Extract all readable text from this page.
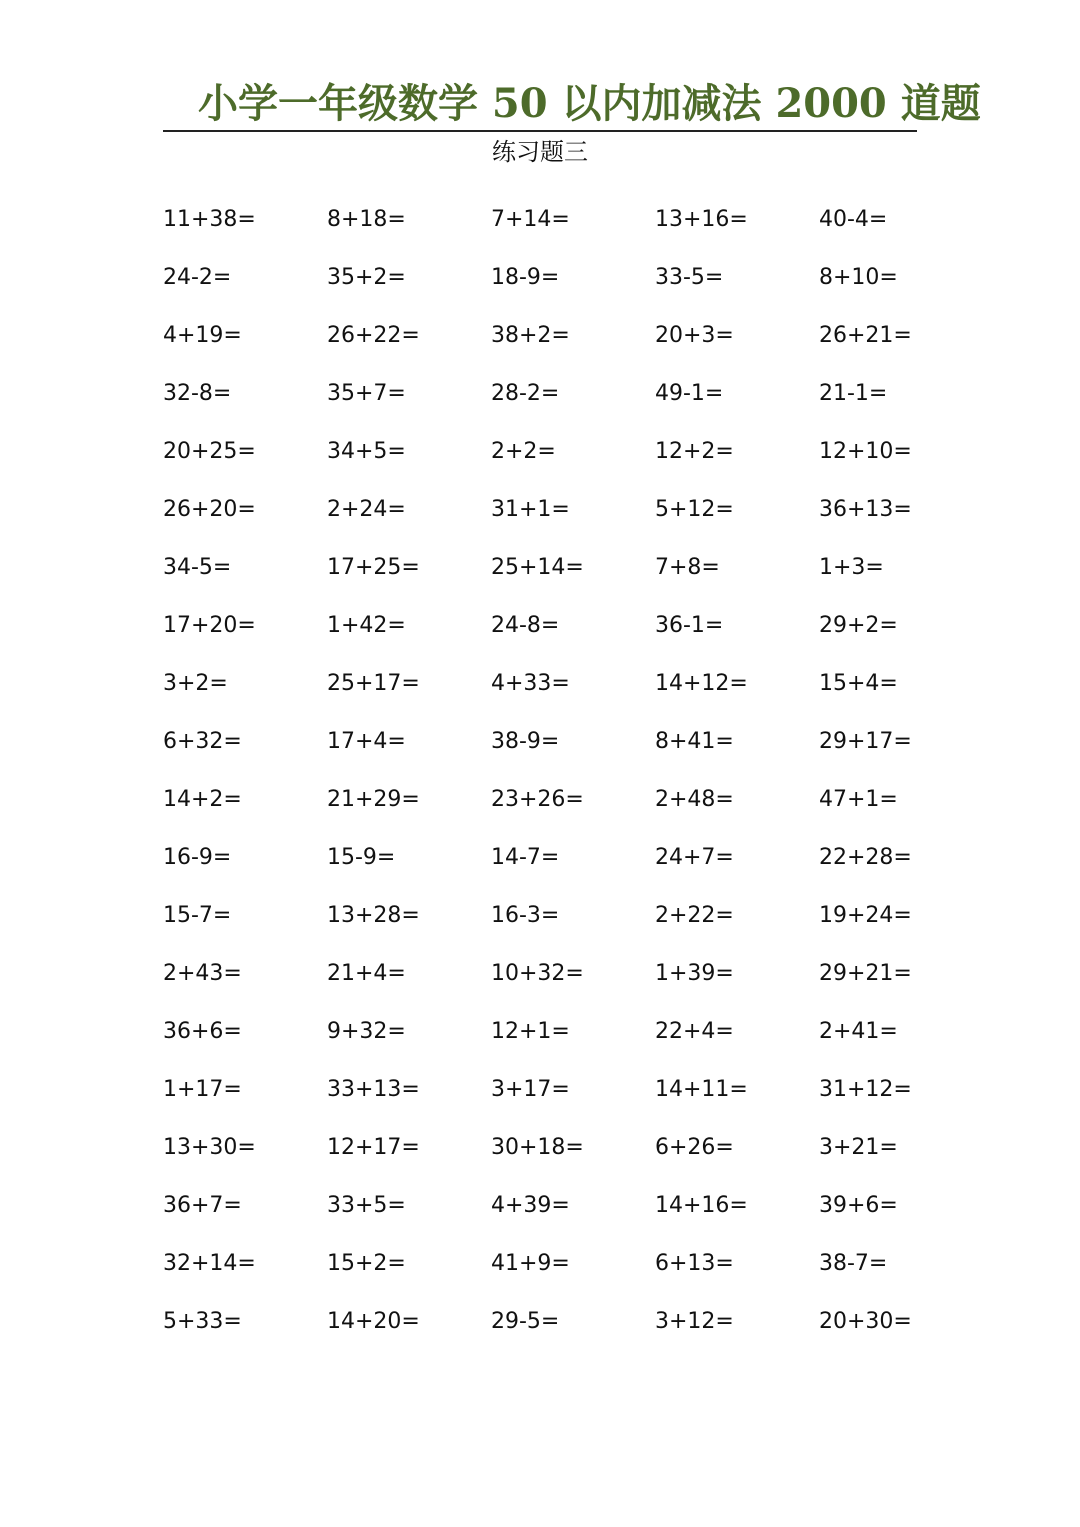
小学一年级数学 50 以内加减法 2000 道题
练习题三
11+38=	8+18=	7+14=	13+16=	40-4=
24-2=	35+2=	18-9=	33-5=	8+10=
4+19=	26+22=	38+2=	20+3=	26+21=
32-8=	35+7=	28-2=	49-1=	21-1=
20+25=	34+5=	2+2=	12+2=	12+10=
26+20=	2+24=	31+1=	5+12=	36+13=
34-5=	17+25=	25+14=	7+8=	1+3=
17+20=	1+42=	24-8=	36-1=	29+2=
3+2=	25+17=	4+33=	14+12=	15+4=
6+32=	17+4=	38-9=	8+41=	29+17=
14+2=	21+29=	23+26=	2+48=	47+1=
16-9=	15-9=	14-7=	24+7=	22+28=
15-7=	13+28=	16-3=	2+22=	19+24=
2+43=	21+4=	10+32=	1+39=	29+21=
36+6=	9+32=	12+1=	22+4=	2+41=
1+17=	33+13=	3+17=	14+11=	31+12=
13+30=	12+17=	30+18=	6+26=	3+21=
36+7=	33+5=	4+39=	14+16=	39+6=
32+14=	15+2=	41+9=	6+13=	38-7=
5+33=	14+20=	29-5=	3+12=	20+30=
